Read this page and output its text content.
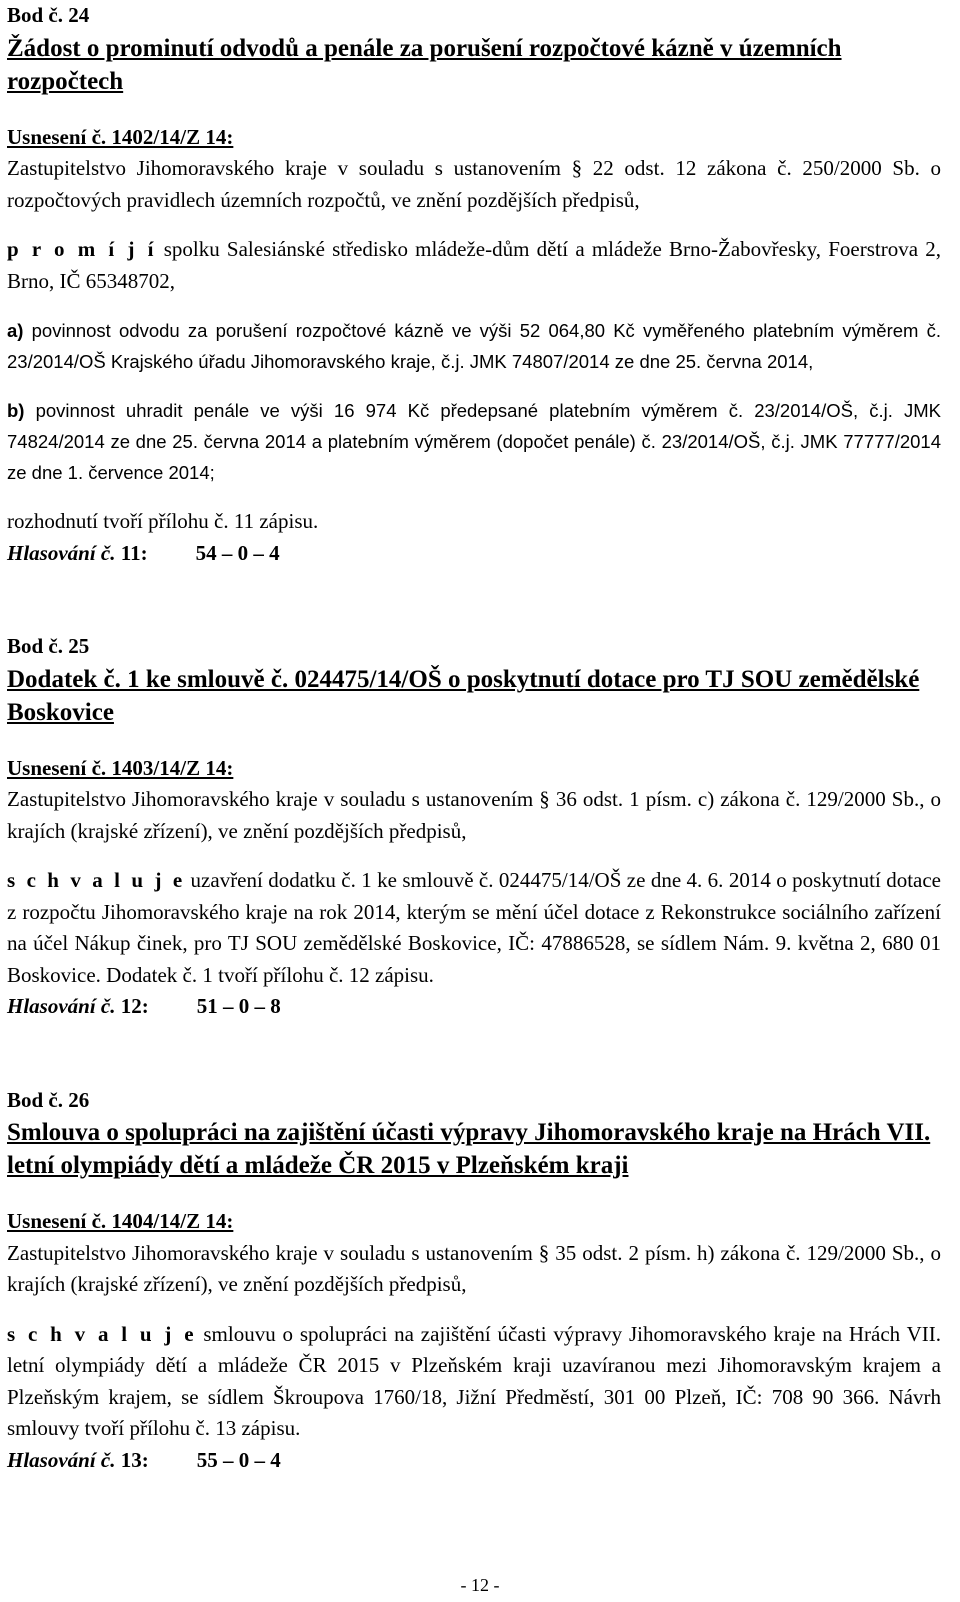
Bod č. 24
Žádost o prominutí odvodů a penále za porušení rozpočtové kázně v územních rozpočtech
Usnesení č. 1402/14/Z 14:
Zastupitelstvo Jihomoravského kraje v souladu s ustanovením § 22 odst. 12 zákona č. 250/2000 Sb. o rozpočtových pravidlech územních rozpočtů, ve znění pozdějších předpisů,
p r o m í j í spolku Salesiánské středisko mládeže-dům dětí a mládeže Brno-Žabovřesky, Foerstrova 2, Brno, IČ 65348702,
a) povinnost odvodu za porušení rozpočtové kázně ve výši 52 064,80 Kč vyměřeného platebním výměrem č. 23/2014/OŠ Krajského úřadu Jihomoravského kraje, č.j. JMK 74807/2014 ze dne 25. června 2014,
b) povinnost uhradit penále ve výši 16 974 Kč předepsané platebním výměrem č. 23/2014/OŠ, č.j. JMK 74824/2014 ze dne 25. června 2014 a platebním výměrem (dopočet penále) č. 23/2014/OŠ, č.j. JMK 77777/2014 ze dne 1. července 2014;
rozhodnutí tvoří přílohu č. 11 zápisu.
Hlasování č. 11: 54 – 0 – 4
Bod č. 25
Dodatek č. 1 ke smlouvě č. 024475/14/OŠ o poskytnutí dotace pro TJ SOU zemědělské Boskovice
Usnesení č. 1403/14/Z 14:
Zastupitelstvo Jihomoravského kraje v souladu s ustanovením § 36 odst. 1 písm. c) zákona č. 129/2000 Sb., o krajích (krajské zřízení), ve znění pozdějších předpisů,
s c h v a l u j e uzavření dodatku č. 1 ke smlouvě č. 024475/14/OŠ ze dne 4. 6. 2014 o poskytnutí dotace z rozpočtu Jihomoravského kraje na rok 2014, kterým se mění účel dotace z Rekonstrukce sociálního zařízení na účel Nákup činek, pro TJ SOU zemědělské Boskovice, IČ: 47886528, se sídlem Nám. 9. května 2, 680 01 Boskovice. Dodatek č. 1 tvoří přílohu č. 12 zápisu.
Hlasování č. 12: 51 – 0 – 8
Bod č. 26
Smlouva o spolupráci na zajištění účasti výpravy Jihomoravského kraje na Hrách VII. letní olympiády dětí a mládeže ČR 2015 v Plzeňském kraji
Usnesení č. 1404/14/Z 14:
Zastupitelstvo Jihomoravského kraje v souladu s ustanovením § 35 odst. 2 písm. h) zákona č. 129/2000 Sb., o krajích (krajské zřízení), ve znění pozdějších předpisů,
s c h v a l u j e smlouvu o spolupráci na zajištění účasti výpravy Jihomoravského kraje na Hrách VII. letní olympiády dětí a mládeže ČR 2015 v Plzeňském kraji uzavíranou mezi Jihomoravským krajem a Plzeňským krajem, se sídlem Škroupova 1760/18, Jižní Předměstí, 301 00 Plzeň, IČ: 708 90 366. Návrh smlouvy tvoří přílohu č. 13 zápisu.
Hlasování č. 13: 55 – 0 – 4
- 12 -
